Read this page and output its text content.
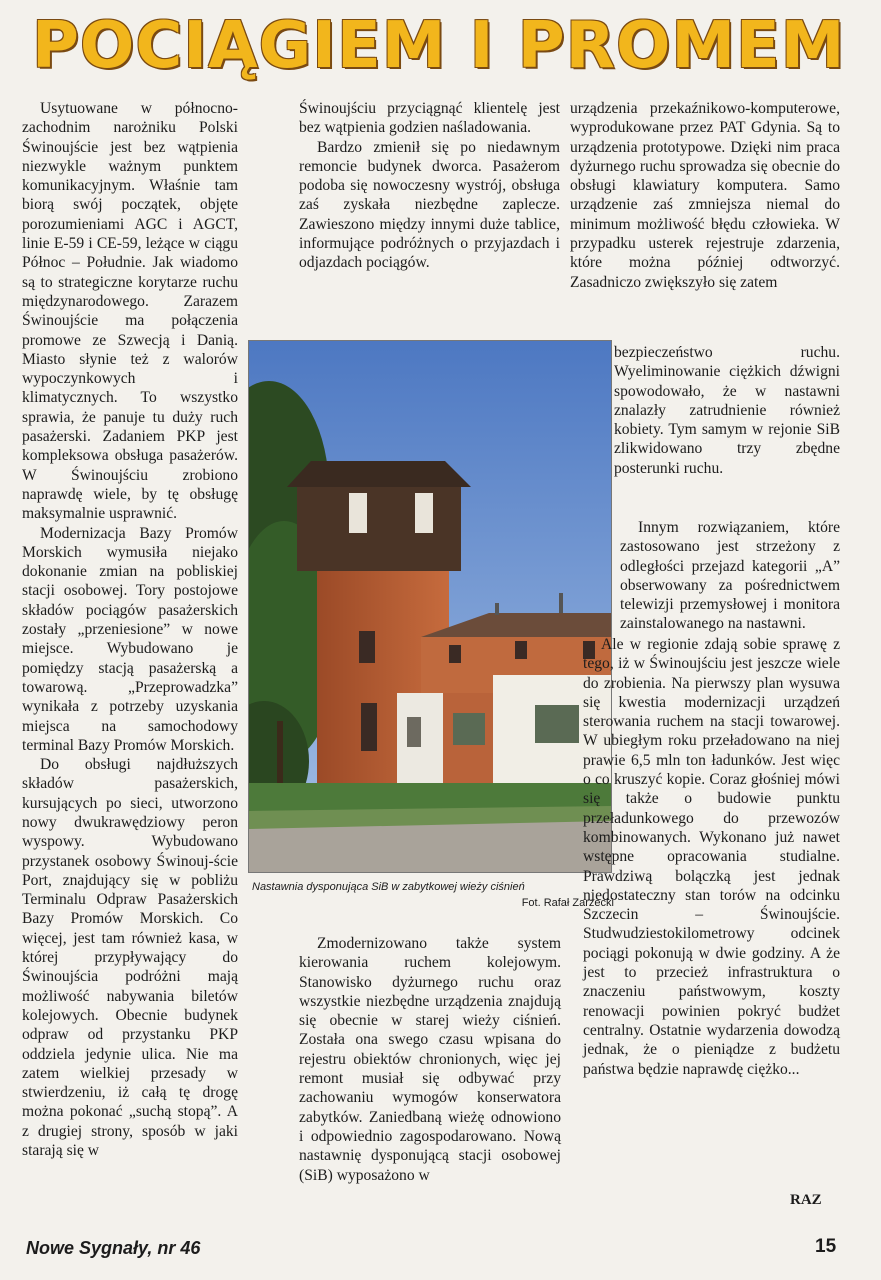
POCIĄGIEM I PROMEM

Usytuowane w północno-zachodnim narożniku Polski Świnoujście jest bez wątpienia niezwykle ważnym punktem komunikacyjnym. Właśnie tam biorą swój początek, objęte porozumieniami AGC i AGCT, linie E-59 i CE-59, leżące w ciągu Północ – Południe. Jak wiadomo są to strategiczne korytarze ruchu międzynarodowego. Zarazem Świnoujście ma połączenia promowe ze Szwecją i Danią. Miasto słynie też z walorów wypoczynkowych i klimatycznych. To wszystko sprawia, że panuje tu duży ruch pasażerski. Zadaniem PKP jest kompleksowa obsługa pasażerów. W Świnoujściu zrobiono naprawdę wiele, by tę obsługę maksymalnie usprawnić.

Modernizacja Bazy Promów Morskich wymusiła niejako dokonanie zmian na pobliskiej stacji osobowej. Tory postojowe składów pociągów pasażerskich zostały „przeniesione” w nowe miejsce. Wybudowano je pomiędzy stacją pasażerską a towarową. „Przeprowadzka” wynikała z potrzeby uzyskania miejsca na samochodowy terminal Bazy Promów Morskich.

Do obsługi najdłuższych składów pasażerskich, kursujących po sieci, utworzono nowy dwukrawędziowy peron wyspowy. Wybudowano przystanek osobowy Świnouj-ście Port, znajdujący się w pobliżu Terminalu Odpraw Pasażerskich Bazy Promów Morskich. Co więcej, jest tam również kasa, w której przypływający do Świnoujścia podróżni mają możliwość nabywania biletów kolejowych. Obecnie budynek odpraw od przystanku PKP oddziela jedynie ulica. Nie ma zatem wielkiej przesady w stwierdzeniu, iż całą tę drogę można pokonać „suchą stopą”. A z drugiej strony, sposób w jaki starają się w

Świnoujściu przyciągnąć klientelę jest bez wątpienia godzien naśladowania.

Bardzo zmienił się po niedawnym remoncie budynek dworca. Pasażerom podoba się nowoczesny wystrój, obsługa zaś zyskała niezbędne zaplecze. Zawieszono między innymi duże tablice, informujące podróżnych o przyjazdach i odjazdach pociągów.

Nastawnia dysponująca SiB w zabytkowej wieży ciśnień

Fot. Rafał Zarzecki

Zmodernizowano także system kierowania ruchem kolejowym. Stanowisko dyżurnego ruchu oraz wszystkie niezbędne urządzenia znajdują się obecnie w starej wieży ciśnień. Została ona swego czasu wpisana do rejestru obiektów chronionych, więc jej remont musiał się odbywać przy zachowaniu wymogów konserwatora zabytków. Zaniedbaną wieżę odnowiono i odpowiednio zagospodarowano. Nową nastawnię dysponującą stacji osobowej (SiB) wyposażono w

urządzenia przekaźnikowo-komputerowe, wyprodukowane przez PAT Gdynia. Są to urządzenia prototypowe. Dzięki nim praca dyżurnego ruchu sprowadza się obecnie do obsługi klawiatury komputera. Samo urządzenie zaś zmniejsza niemal do minimum możliwość błędu człowieka. W przypadku usterek rejestruje zdarzenia, które można później odtworzyć. Zasadniczo zwiększyło się zatem

bezpieczeństwo ruchu. Wyeliminowanie ciężkich dźwigni spowodowało, że w nastawni znalazły zatrudnienie również kobiety. Tym samym w rejonie SiB zlikwidowano trzy zbędne posterunki ruchu.

Innym rozwiązaniem, które zastosowano jest strzeżony z odległości przejazd kategorii „A” obserwowany za pośrednictwem telewizji przemysłowej i monitora zainstalowanego na nastawni.

Ale w regionie zdają sobie sprawę z tego, iż w Świnoujściu jest jeszcze wiele do zrobienia. Na pierwszy plan wysuwa się kwestia modernizacji urządzeń sterowania ruchem na stacji towarowej. W ubiegłym roku przeładowano na niej prawie 6,5 mln ton ładunków. Jest więc o co kruszyć kopie. Coraz głośniej mówi się także o budowie punktu przeładunkowego do przewozów kombinowanych. Wykonano już nawet wstępne opracowania studialne. Prawdziwą bolączką jest jednak niedostateczny stan torów na odcinku Szczecin – Świnoujście. Studwudziestokilometrowy odcinek pociągi pokonują w dwie godziny. A że jest to przecież infrastruktura o znaczeniu państwowym, koszty renowacji powinien pokryć budżet centralny. Ostatnie wydarzenia dowodzą jednak, że o pieniądze z budżetu państwa będzie naprawdę ciężko...

RAZ
Nowe Sygnały, nr 46	15
